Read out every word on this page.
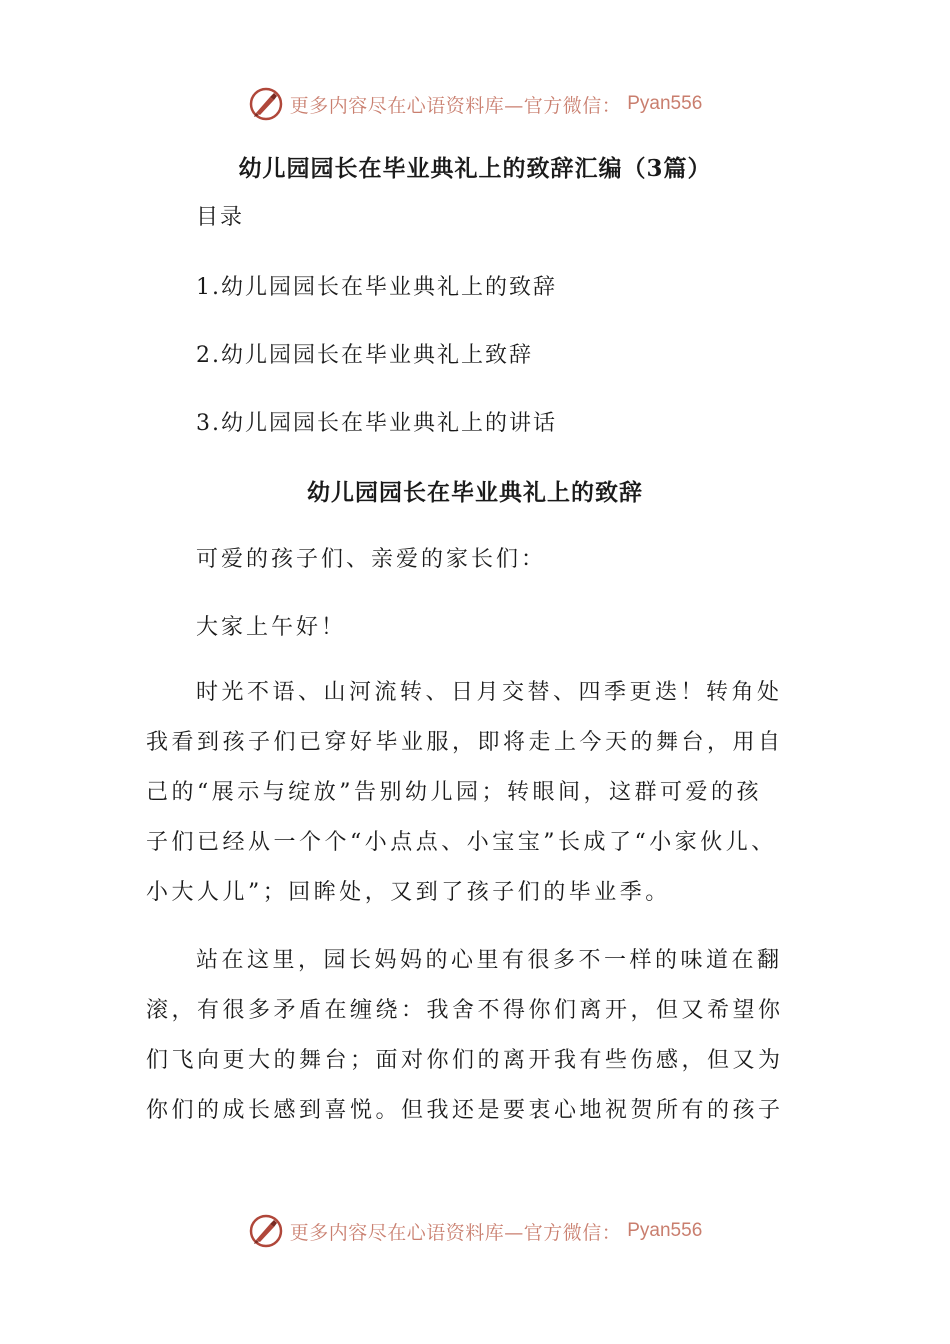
更多内容尽在心语资料库—官方微信： Pyan556
幼儿园园长在毕业典礼上的致辞汇编（3篇）

目录

1.幼儿园园长在毕业典礼上的致辞
2.幼儿园园长在毕业典礼上致辞
3.幼儿园园长在毕业典礼上的讲话
幼儿园园长在毕业典礼上的致辞

可爱的孩子们、亲爱的家长们：

大家上午好！

时光不语、山河流转、日月交替、四季更迭！转角处
我看到孩子们已穿好毕业服，即将走上今天的舞台，用自
己的“展示与绽放”告别幼儿园；转眼间，这群可爱的孩
子们已经从一个个“小点点、小宝宝”长成了“小家伙儿、
小大人儿”；回眸处，又到了孩子们的毕业季。

站在这里，园长妈妈的心里有很多不一样的味道在翻
滚，有很多矛盾在缠绕：我舍不得你们离开，但又希望你
们飞向更大的舞台；面对你们的离开我有些伤感，但又为
你们的成长感到喜悦。但我还是要衷心地祝贺所有的孩子

更多内容尽在心语资料库—官方微信： Pyan556
